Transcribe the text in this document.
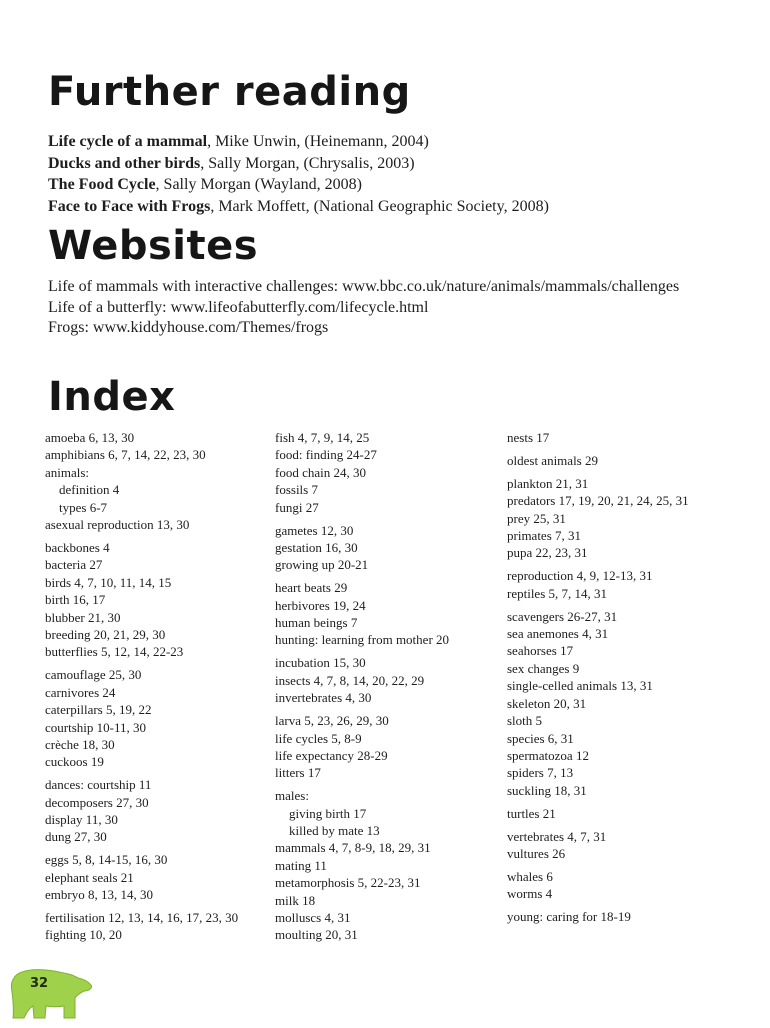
Further reading
Life cycle of a mammal, Mike Unwin, (Heinemann, 2004)
Ducks and other birds, Sally Morgan, (Chrysalis, 2003)
The Food Cycle, Sally Morgan (Wayland, 2008)
Face to Face with Frogs, Mark Moffett, (National Geographic Society, 2008)
Websites
Life of mammals with interactive challenges: www.bbc.co.uk/nature/animals/mammals/challenges
Life of a butterfly: www.lifeofabutterfly.com/lifecycle.html
Frogs: www.kiddyhouse.com/Themes/frogs
Index
amoeba 6, 13, 30
amphibians 6, 7, 14, 22, 23, 30
animals:
definition 4
types 6-7
asexual reproduction 13, 30
backbones 4
bacteria 27
birds 4, 7, 10, 11, 14, 15
birth 16, 17
blubber 21, 30
breeding 20, 21, 29, 30
butterflies 5, 12, 14, 22-23
camouflage 25, 30
carnivores 24
caterpillars 5, 19, 22
courtship 10-11, 30
crèche 18, 30
cuckoos 19
dances: courtship 11
decomposers 27, 30
display 11, 30
dung 27, 30
eggs 5, 8, 14-15, 16, 30
elephant seals 21
embryo 8, 13, 14, 30
fertilisation 12, 13, 14, 16, 17, 23, 30
fighting 10, 20
fish 4, 7, 9, 14, 25
food: finding 24-27
food chain 24, 30
fossils 7
fungi 27
gametes 12, 30
gestation 16, 30
growing up 20-21
heart beats 29
herbivores 19, 24
human beings 7
hunting: learning from mother 20
incubation 15, 30
insects 4, 7, 8, 14, 20, 22, 29
invertebrates 4, 30
larva 5, 23, 26, 29, 30
life cycles 5, 8-9
life expectancy 28-29
litters 17
males:
giving birth 17
killed by mate 13
mammals 4, 7, 8-9, 18, 29, 31
mating 11
metamorphosis 5, 22-23, 31
milk 18
molluscs 4, 31
moulting 20, 31
nests 17
oldest animals 29
plankton 21, 31
predators 17, 19, 20, 21, 24, 25, 31
prey 25, 31
primates 7, 31
pupa 22, 23, 31
reproduction 4, 9, 12-13, 31
reptiles 5, 7, 14, 31
scavengers 26-27, 31
sea anemones 4, 31
seahorses 17
sex changes 9
single-celled animals 13, 31
skeleton 20, 31
sloth 5
species 6, 31
spermatozoa 12
spiders 7, 13
suckling 18, 31
turtles 21
vertebrates 4, 7, 31
vultures 26
whales 6
worms 4
young: caring for 18-19
32
